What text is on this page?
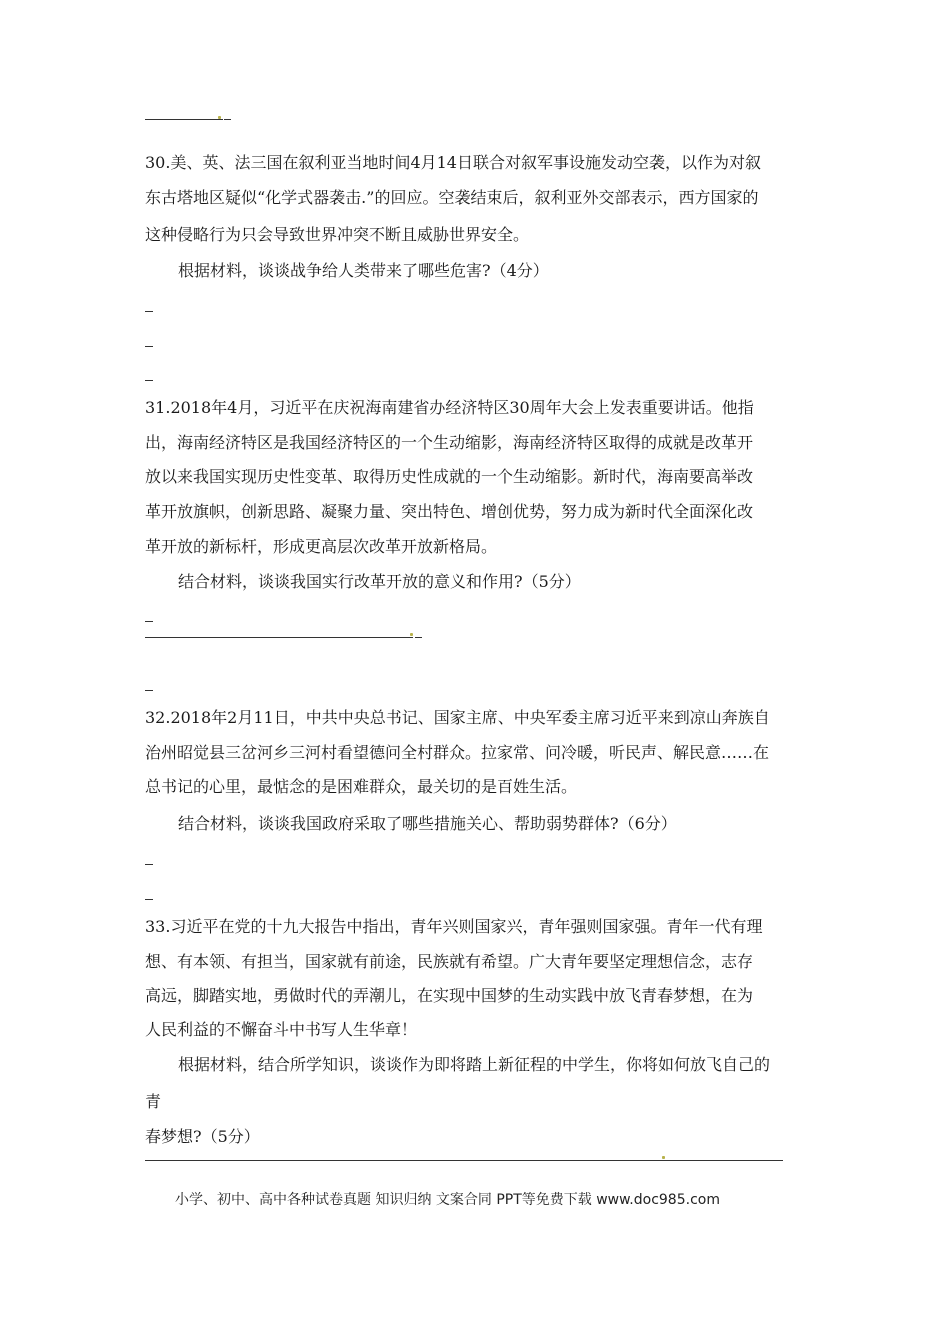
30.美、英、法三国在叙利亚当地时间4月14日联合对叙军事设施发动空袭，以作为对叙
东古塔地区疑似“化学式器袭击.”的回应。空袭结束后，叙利亚外交部表示，西方国家的
这种侵略行为只会导致世界冲突不断且威胁世界安全。
根据材料，谈谈战争给人类带来了哪些危害?（4分）
31.2018年4月，习近平在庆祝海南建省办经济特区30周年大会上发表重要讲话。他指
出，海南经济特区是我国经济特区的一个生动缩影，海南经济特区取得的成就是改革开
放以来我国实现历史性变革、取得历史性成就的一个生动缩影。新时代，海南要高举改
革开放旗帜，创新思路、凝聚力量、突出特色、增创优势，努力成为新时代全面深化改
革开放的新标杆，形成更高层次改革开放新格局。
结合材料，谈谈我国实行改革开放的意义和作用?（5分）
32.2018年2月11日，中共中央总书记、国家主席、中央军委主席习近平来到凉山奔族自
治州昭觉县三岔河乡三河村看望德问全村群众。拉家常、问冷暖，听民声、解民意……在
总书记的心里，最惦念的是困难群众，最关切的是百姓生活。
结合材料，谈谈我国政府采取了哪些措施关心、帮助弱势群体?（6分）
33.习近平在党的十九大报告中指出，青年兴则国家兴，青年强则国家强。青年一代有理
想、有本领、有担当，国家就有前途，民族就有希望。广大青年要坚定理想信念，志存
高远，脚踏实地，勇做时代的弄潮儿，在实现中国梦的生动实践中放飞青春梦想，在为
人民利益的不懈奋斗中书写人生华章！
根据材料，结合所学知识，谈谈作为即将踏上新征程的中学生，你将如何放飞自己的
青
春梦想?（5分）
小学、初中、高中各种试卷真题 知识归纳 文案合同 PPT等免费下载 www.doc985.com
